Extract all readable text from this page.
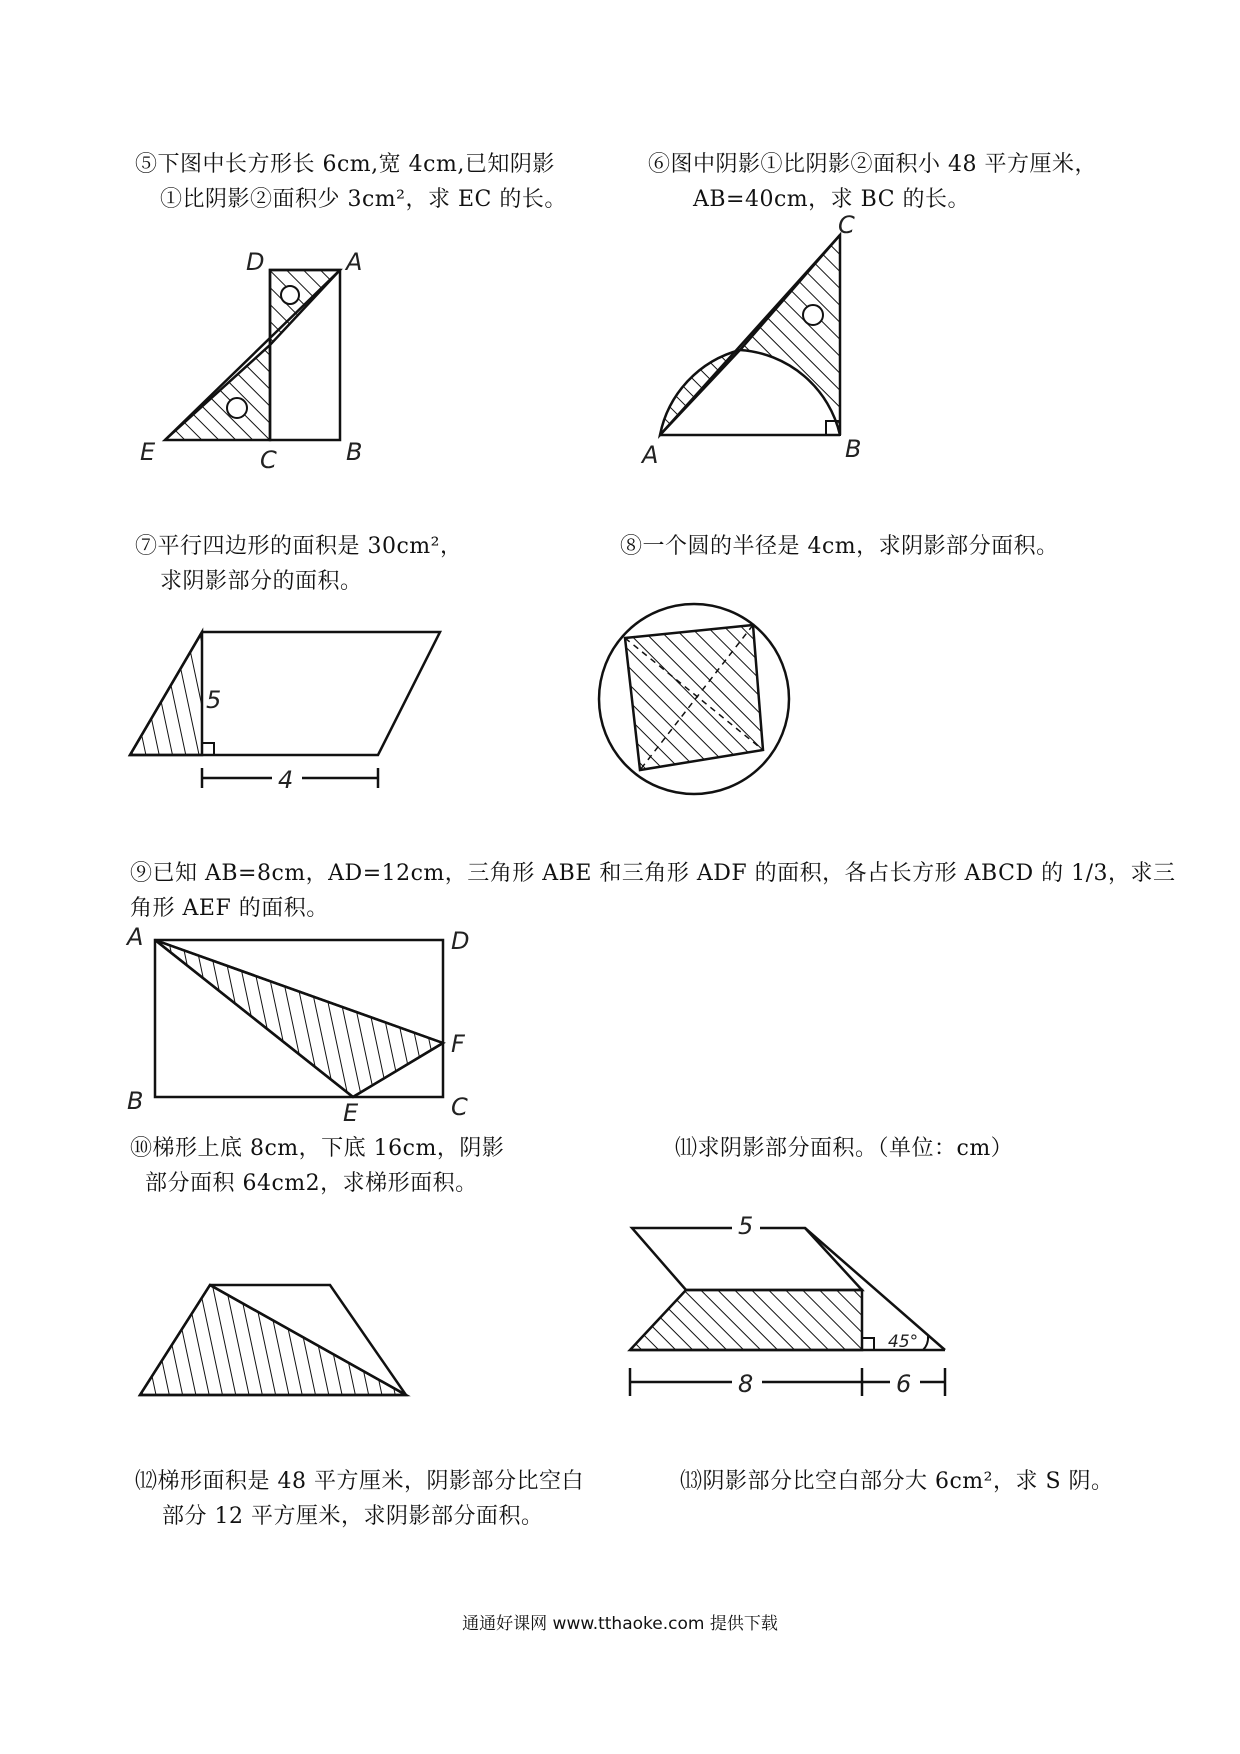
⑤下图中长方形长 6cm,宽 4cm,已知阴影
①比阴影②面积少 3cm²，求 EC 的长。
D	A
E	C	B
⑥图中阴影①比阴影②面积小 48 平方厘米，
AB=40cm，求 BC 的长。
A	B
C
⑦平行四边形的面积是 30cm²，
求阴影部分的面积。
5
4
⑧一个圆的半径是 4cm，求阴影部分面积。
⑨已知 AB=8cm，AD=12cm，三角形 ABE 和三角形 ADF 的面积，各占长方形 ABCD 的 1/3，求三
角形 AEF 的面积。
A	D
B	E	C
F
⑩梯形上底 8cm，下底 16cm，阴影
部分面积 64cm2，求梯形面积。
⑾求阴影部分面积。（单位：cm）
5
8	6
45°
⑿梯形面积是 48 平方厘米，阴影部分比空白
部分 12 平方厘米，求阴影部分面积。
⒀阴影部分比空白部分大 6cm²，求 S 阴。
通通好课网 www.tthaoke.com 提供下载
